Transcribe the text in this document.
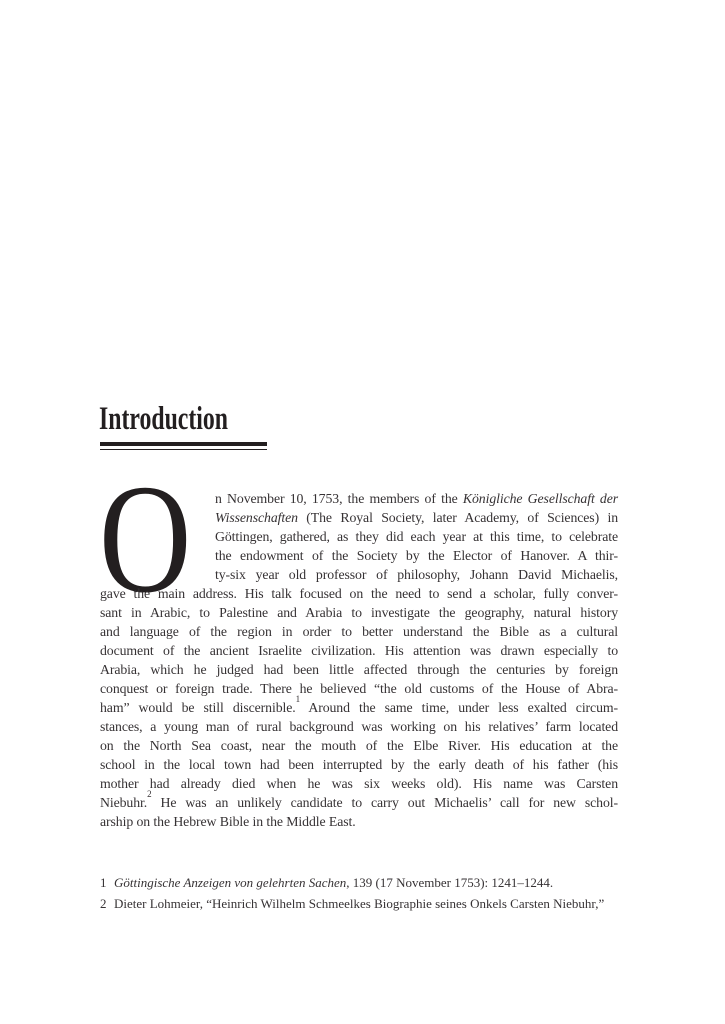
Introduction
O n November 10, 1753, the members of the Königliche Gesellschaft der
Wissenschaften (The Royal Society, later Academy, of Sciences) in
Göttingen, gathered, as they did each year at this time, to celebrate
the endowment of the Society by the Elector of Hanover. A thir-
ty-six year old professor of philosophy, Johann David Michaelis,
gave the main address. His talk focused on the need to send a scholar, fully conver-
sant in Arabic, to Palestine and Arabia to investigate the geography, natural history
and language of the region in order to better understand the Bible as a cultural
document of the ancient Israelite civilization. His attention was drawn especially to
Arabia, which he judged had been little affected through the centuries by foreign
conquest or foreign trade. There he believed “the old customs of the House of Abra-
ham” would be still discernible.$^1$ Around the same time, under less exalted circum-
stances, a young man of rural background was working on his relatives’ farm located
on the North Sea coast, near the mouth of the Elbe River. His education at the
school in the local town had been interrupted by the early death of his father (his
mother had already died when he was six weeks old). His name was Carsten
Niebuhr.$^2$ He was an unlikely candidate to carry out Michaelis’ call for new schol-
arship on the Hebrew Bible in the Middle East.
1 Göttingische Anzeigen von gelehrten Sachen, 139 (17 November 1753): 1241–1244.
2 Dieter Lohmeier, “Heinrich Wilhelm Schmeelkes Biographie seines Onkels Carsten Niebuhr,”
